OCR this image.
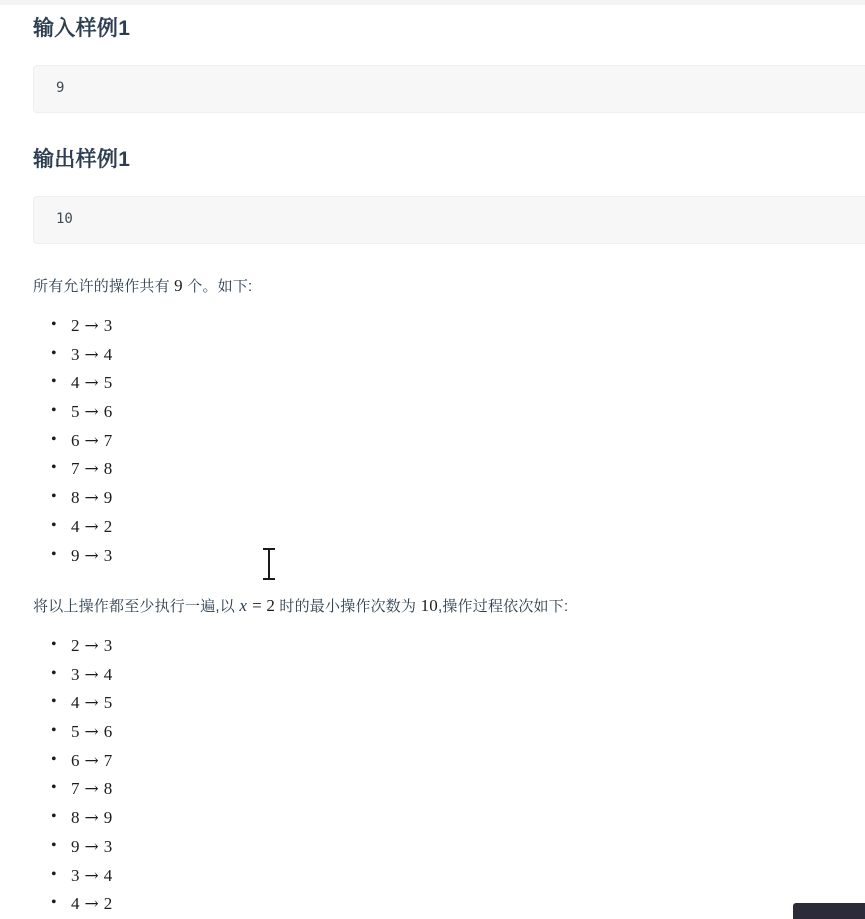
输入样例1
9
输出样例1
10
所有允许的操作共有 9 个。如下:
• 2 → 3
• 3 → 4
• 4 → 5
• 5 → 6
• 6 → 7
• 7 → 8
• 8 → 9
• 4 → 2
• 9 → 3
将以上操作都至少执行一遍,以 x = 2 时的最小操作次数为 10,操作过程依次如下:
• 2 → 3
• 3 → 4
• 4 → 5
• 5 → 6
• 6 → 7
• 7 → 8
• 8 → 9
• 9 → 3
• 3 → 4
• 4 → 2
